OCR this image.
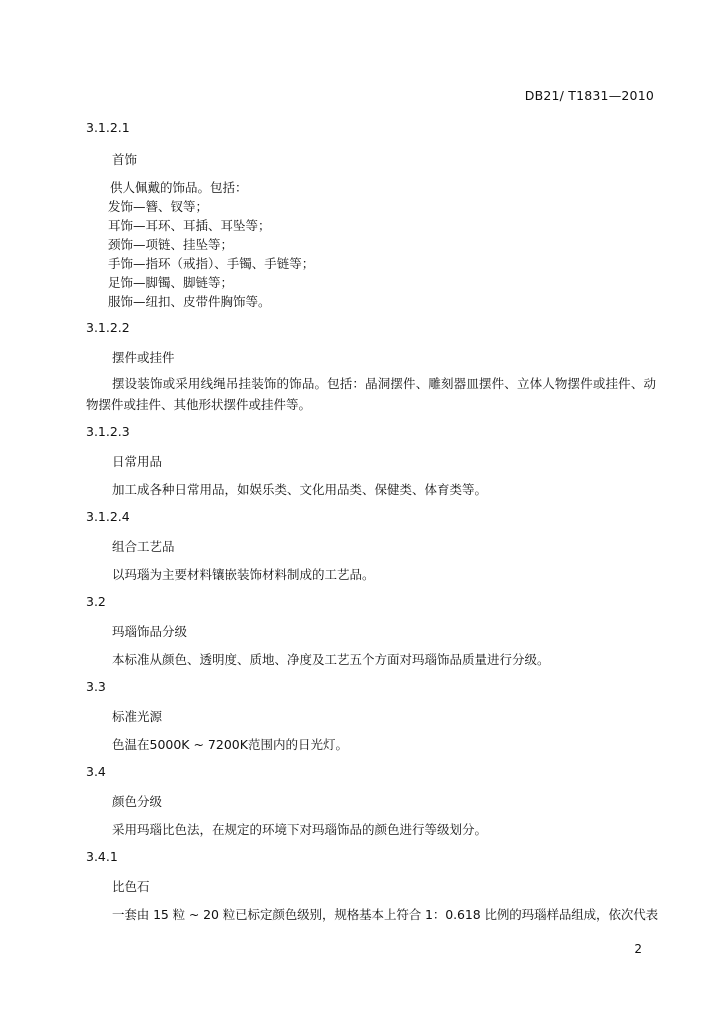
DB21/ T1831—2010
3.1.2.1
首饰
供人佩戴的饰品。包括：
发饰—簪、钗等；
耳饰—耳环、耳插、耳坠等；
颈饰—项链、挂坠等；
手饰—指环（戒指）、手镯、手链等；
足饰—脚镯、脚链等；
服饰—纽扣、皮带件胸饰等。
3.1.2.2
摆件或挂件
摆设装饰或采用线绳吊挂装饰的饰品。包括：晶洞摆件、雕刻器皿摆件、立体人物摆件或挂件、动物摆件或挂件、其他形状摆件或挂件等。
3.1.2.3
日常用品
加工成各种日常用品，如娱乐类、文化用品类、保健类、体育类等。
3.1.2.4
组合工艺品
以玛瑙为主要材料镶嵌装饰材料制成的工艺品。
3.2
玛瑙饰品分级
本标准从颜色、透明度、质地、净度及工艺五个方面对玛瑙饰品质量进行分级。
3.3
标准光源
色温在5000K ~ 7200K范围内的日光灯。
3.4
颜色分级
采用玛瑙比色法，在规定的环境下对玛瑙饰品的颜色进行等级划分。
3.4.1
比色石
一套由 15 粒 ~ 20 粒已标定颜色级别，规格基本上符合 1：0.618 比例的玛瑙样品组成，依次代表
2
